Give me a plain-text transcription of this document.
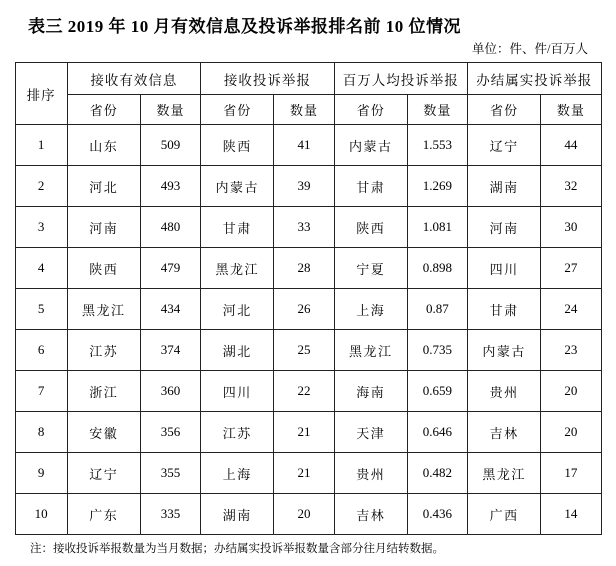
表三 2019 年 10 月有效信息及投诉举报排名前 10 位情况
单位：件、件/百万人
排序	接收有效信息		接收投诉举报		百万人均投诉举报		办结属实投诉举报	
	省份	数量	省份	数量	省份	数量	省份	数量
1	山东	509	陕西	41	内蒙古	1.553	辽宁	44
2	河北	493	内蒙古	39	甘肃	1.269	湖南	32
3	河南	480	甘肃	33	陕西	1.081	河南	30
4	陕西	479	黑龙江	28	宁夏	0.898	四川	27
5	黑龙江	434	河北	26	上海	0.87	甘肃	24
6	江苏	374	湖北	25	黑龙江	0.735	内蒙古	23
7	浙江	360	四川	22	海南	0.659	贵州	20
8	安徽	356	江苏	21	天津	0.646	吉林	20
9	辽宁	355	上海	21	贵州	0.482	黑龙江	17
10	广东	335	湖南	20	吉林	0.436	广西	14
注：接收投诉举报数量为当月数据；办结属实投诉举报数量含部分往月结转数据。
